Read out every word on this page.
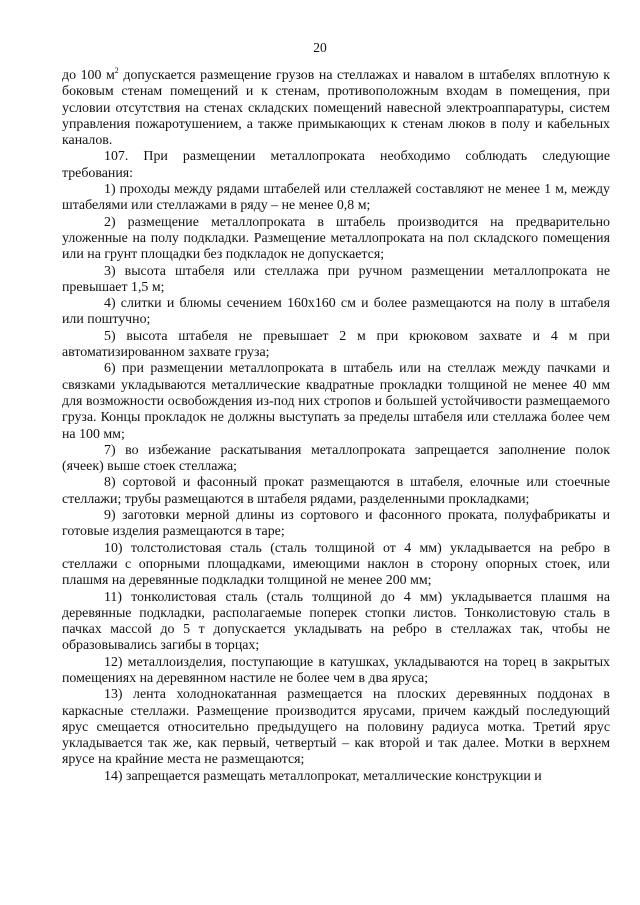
20

до 100 $м^2$ допускается размещение грузов на стеллажах и навалом в штабелях вплотную к боковым стенам помещений и к стенам, противоположным входам в помещения, при условии отсутствия на стенах складских помещений навесной электроаппаратуры, систем управления пожаротушением, а также примыкающих к стенам люков в полу и кабельных каналов.

107. При размещении металлопроката необходимо соблюдать следующие требования:

1) проходы между рядами штабелей или стеллажей составляют не менее 1 м, между штабелями или стеллажами в ряду – не менее 0,8 м;

2) размещение металлопроката в штабель производится на предварительно уложенные на полу подкладки. Размещение металлопроката на пол складского помещения или на грунт площадки без подкладок не допускается;

3) высота штабеля или стеллажа при ручном размещении металлопроката не превышает 1,5 м;

4) слитки и блюмы сечением 160х160 см и более размещаются на полу в штабеля или поштучно;

5) высота штабеля не превышает 2 м при крюковом захвате и 4 м при автоматизированном захвате груза;

6) при размещении металлопроката в штабель или на стеллаж между пачками и связками укладываются металлические квадратные прокладки толщиной не менее 40 мм для возможности освобождения из-под них стропов и большей устойчивости размещаемого груза. Концы прокладок не должны выступать за пределы штабеля или стеллажа более чем на 100 мм;

7) во избежание раскатывания металлопроката запрещается заполнение полок (ячеек) выше стоек стеллажа;

8) сортовой и фасонный прокат размещаются в штабеля, елочные или стоечные стеллажи; трубы размещаются в штабеля рядами, разделенными прокладками;

9) заготовки мерной длины из сортового и фасонного проката, полуфабрикаты и готовые изделия размещаются в таре;

10) толстолистовая сталь (сталь толщиной от 4 мм) укладывается на ребро в стеллажи с опорными площадками, имеющими наклон в сторону опорных стоек, или плашмя на деревянные подкладки толщиной не менее 200 мм;

11) тонколистовая сталь (сталь толщиной до 4 мм) укладывается плашмя на деревянные подкладки, располагаемые поперек стопки листов. Тонколистовую сталь в пачках массой до 5 т допускается укладывать на ребро в стеллажах так, чтобы не образовывались загибы в торцах;

12) металлоизделия, поступающие в катушках, укладываются на торец в закрытых помещениях на деревянном настиле не более чем в два яруса;

13) лента холоднокатанная размещается на плоских деревянных поддонах в каркасные стеллажи. Размещение производится ярусами, причем каждый последующий ярус смещается относительно предыдущего на половину радиуса мотка. Третий ярус укладывается так же, как первый, четвертый – как второй и так далее. Мотки в верхнем ярусе на крайние места не размещаются;

14) запрещается размещать металлопрокат, металлические конструкции и
